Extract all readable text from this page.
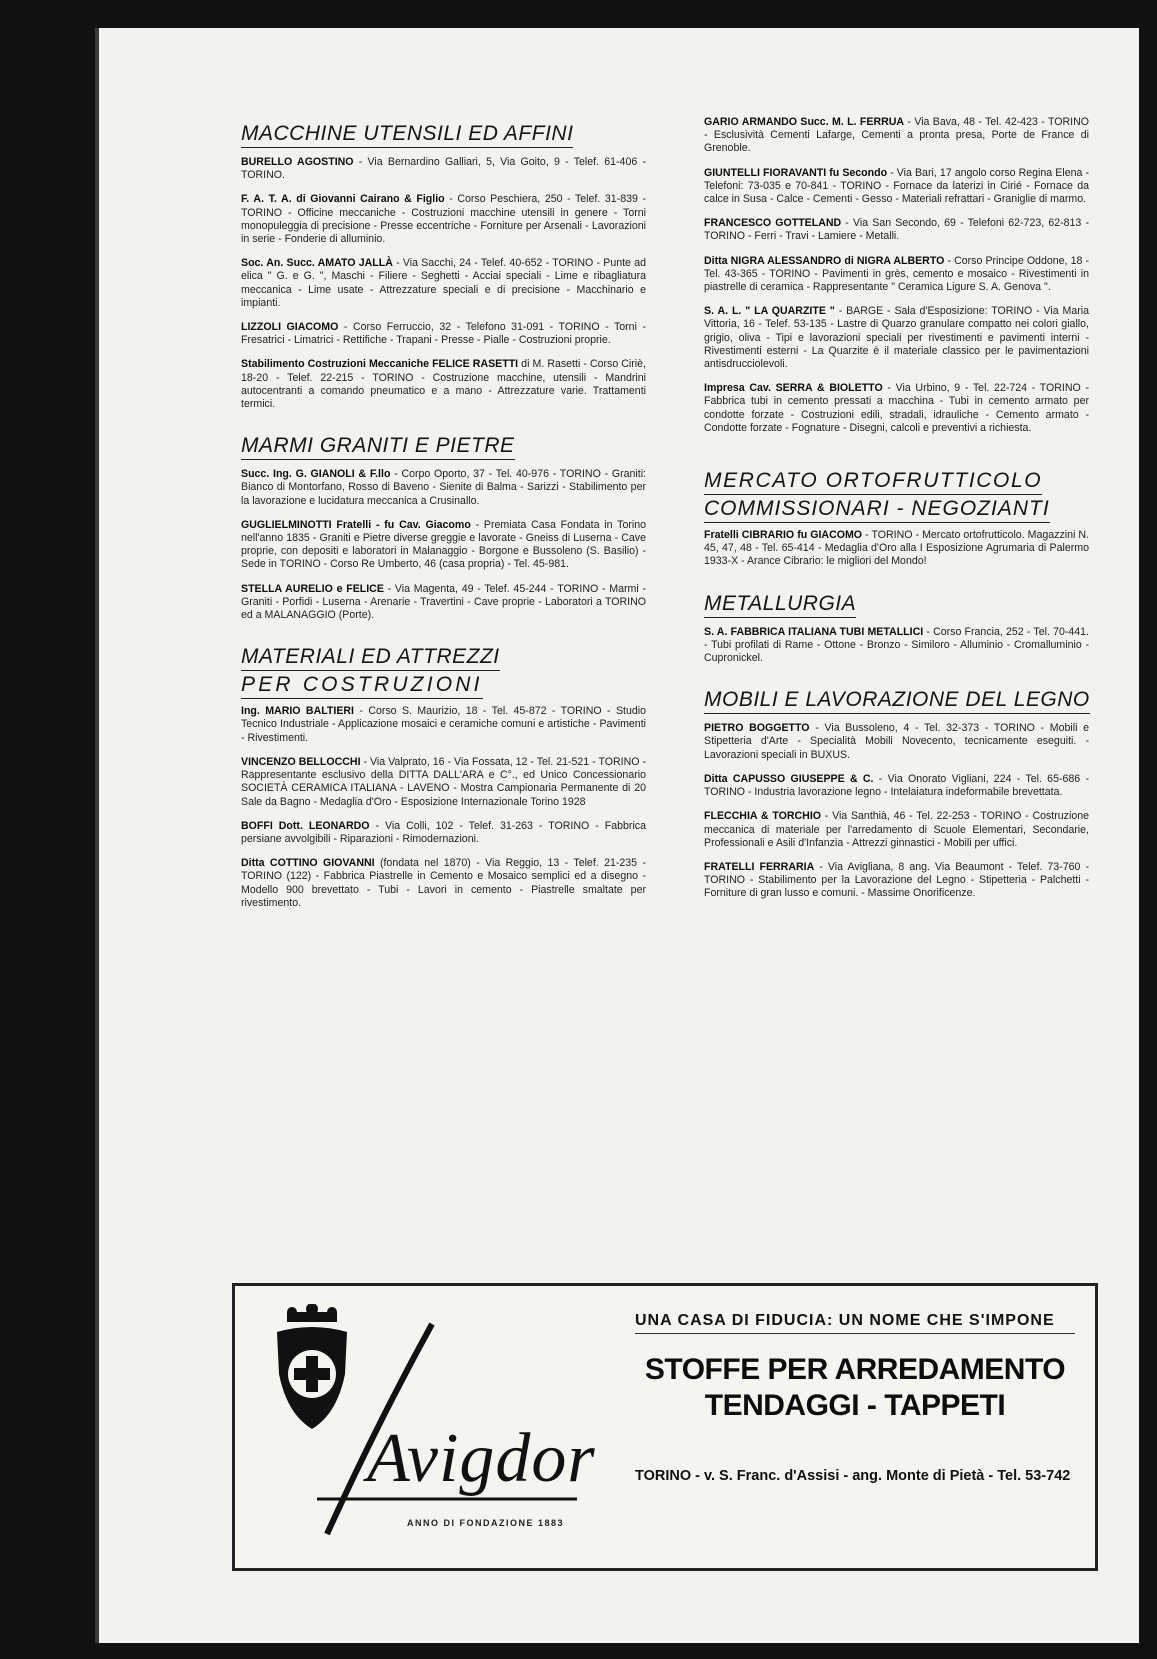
MACCHINE UTENSILI ED AFFINI
BURELLO AGOSTINO - Via Bernardino Galliari, 5, Via Goito, 9 - Telef. 61-406 - TORINO.
F. A. T. A. di Giovanni Cairano & Figlio - Corso Peschiera, 250 - Telef. 31-839 - TORINO - Officine meccaniche - Costruzioni macchine utensili in genere - Torni monopuleggia di precisione - Presse eccentriche - Forniture per Arsenali - Lavorazioni in serie - Fonderie di alluminio.
Soc. An. Succ. AMATO JALLÀ - Via Sacchi, 24 - Telef. 40-652 - TORINO - Punte ad elica " G. e G. ", Maschi - Filiere - Seghetti - Acciai speciali - Lime e ribagliatura meccanica - Lime usate - Attrezzature speciali e di precisione - Macchinario e impianti.
LIZZOLI GIACOMO - Corso Ferruccio, 32 - Telefono 31-091 - TORINO - Torni - Fresatrici - Limatrici - Rettifiche - Trapani - Presse - Pialle - Costruzioni proprie.
Stabilimento Costruzioni Meccaniche FELICE RASETTI di M. Rasetti - Corso Ciriè, 18-20 - Telef. 22-215 - TORINO - Costruzione macchine, utensili - Mandrini autocentranti a comando pneumatico e a mano - Attrezzature varie. Trattamenti termici.
MARMI GRANITI E PIETRE
Succ. Ing. G. GIANOLI & F.llo - Corpo Oporto, 37 - Tel. 40-976 - TORINO - Graniti: Bianco di Montorfano, Rosso di Baveno - Sienite di Balma - Sarizzi - Stabilimento per la lavorazione e lucidatura meccanica a Crusinallo.
GUGLIELMINOTTI Fratelli - fu Cav. Giacomo - Premiata Casa Fondata in Torino nell'anno 1835 - Graniti e Pietre diverse greggie e lavorate - Gneiss di Luserna - Cave proprie, con depositi e laboratori in Malanaggio - Borgone e Bussoleno (S. Basilio) - Sede in TORINO - Corso Re Umberto, 46 (casa propria) - Tel. 45-981.
STELLA AURELIO e FELICE - Via Magenta, 49 - Telef. 45-244 - TORINO - Marmi - Graniti - Porfidi - Luserna - Arenarie - Travertini - Cave proprie - Laboratori a TORINO ed a MALANAGGIO (Porte).
MATERIALI ED ATTREZZI
PER COSTRUZIONI
Ing. MARIO BALTIERI - Corso S. Maurizio, 18 - Tel. 45-872 - TORINO - Studio Tecnico Industriale - Applicazione mosaici e ceramiche comuni e artistiche - Pavimenti - Rivestimenti.
VINCENZO BELLOCCHI - Via Valprato, 16 - Via Fossata, 12 - Tel. 21-521 - TORINO - Rappresentante esclusivo della DITTA DALL'ARA e C°., ed Unico Concessionario SOCIETÀ CERAMICA ITALIANA - LAVENO - Mostra Campionaria Permanente di 20 Sale da Bagno - Medaglia d'Oro - Esposizione Internazionale Torino 1928
BOFFI Dott. LEONARDO - Via Colli, 102 - Telef. 31-263 - TORINO - Fabbrica persiane avvolgibili - Riparazioni - Rimodernazioni.
Ditta COTTINO GIOVANNI (fondata nel 1870) - Via Reggio, 13 - Telef. 21-235 - TORINO (122) - Fabbrica Piastrelle in Cemento e Mosaico semplici ed a disegno - Modello 900 brevettato - Tubi - Lavori in cemento - Piastrelle smaltate per rivestimento.
GARIO ARMANDO Succ. M. L. FERRUA - Via Bava, 48 - Tel. 42-423 - TORINO - Esclusività Cementi Lafarge, Cementi a pronta presa, Porte de France di Grenoble.
GIUNTELLI FIORAVANTI fu Secondo - Via Bari, 17 angolo corso Regina Elena - Telefoni: 73-035 e 70-841 - TORINO - Fornace da laterizi in Cirié - Fornace da calce in Susa - Calce - Cementi - Gesso - Materiali refrattari - Graniglie di marmo.
FRANCESCO GOTTELAND - Via San Secondo, 69 - Telefoni 62-723, 62-813 - TORINO - Ferri - Travi - Lamiere - Metalli.
Ditta NIGRA ALESSANDRO di NIGRA ALBERTO - Corso Principe Oddone, 18 - Tel. 43-365 - TORINO - Pavimenti in grès, cemento e mosaico - Rivestimenti in piastrelle di ceramica - Rappresentante " Ceramica Ligure S. A. Genova ".
S. A. L. " LA QUARZITE " - BARGE - Sala d'Esposizione: TORINO - Via Maria Vittoria, 16 - Telef. 53-135 - Lastre di Quarzo granulare compatto nei colori giallo, grigio, oliva - Tipi e lavorazioni speciali per rivestimenti e pavimenti interni - Rivestimenti esterni - La Quarzite è il materiale classico per le pavimentazioni antisdrucciolevoli.
Impresa Cav. SERRA & BIOLETTO - Via Urbino, 9 - Tel. 22-724 - TORINO - Fabbrica tubi in cemento pressati a macchina - Tubi in cemento armato per condotte forzate - Costruzioni edili, stradali, idrauliche - Cemento armato - Condotte forzate - Fognature - Disegni, calcoli e preventivi a richiesta.
MERCATO ORTOFRUTTICOLO
COMMISSIONARI - NEGOZIANTI
Fratelli CIBRARIO fu GIACOMO - TORINO - Mercato ortofrutticolo. Magazzini N. 45, 47, 48 - Tel. 65-414 - Medaglia d'Oro alla I Esposizione Agrumaria di Palermo 1933-X - Arance Cibrario: le migliori del Mondo!
METALLURGIA
S. A. FABBRICA ITALIANA TUBI METALLICI - Corso Francia, 252 - Tel. 70-441. - Tubi profilati di Rame - Ottone - Bronzo - Similoro - Alluminio - Cromalluminio - Cupronickel.
MOBILI E LAVORAZIONE DEL LEGNO
PIETRO BOGGETTO - Via Bussoleno, 4 - Tel. 32-373 - TORINO - Mobili e Stipetteria d'Arte - Specialità Mobili Novecento, tecnicamente eseguiti. - Lavorazioni speciali in BUXUS.
Ditta CAPUSSO GIUSEPPE & C. - Via Onorato Vigliani, 224 - Tel. 65-686 - TORINO - Industria lavorazione legno - Intelaiatura indeformabile brevettata.
FLECCHIA & TORCHIO - Via Santhià, 46 - Tel. 22-253 - TORINO - Costruzione meccanica di materiale per l'arredamento di Scuole Elementari, Secondarie, Professionali e Asili d'Infanzia - Attrezzi ginnastici - Mobili per uffici.
FRATELLI FERRARIA - Via Avigliana, 8 ang. Via Beaumont - Telef. 73-760 - TORINO - Stabilimento per la Lavorazione del Legno - Stipetteria - Palchetti - Forniture di gran lusso e comuni. - Massime Onorificenze.
Avigdor
ANNO DI FONDAZIONE 1883
UNA CASA DI FIDUCIA: UN NOME CHE S'IMPONE
STOFFE PER ARREDAMENTO
TENDAGGI - TAPPETI
TORINO - v. S. Franc. d'Assisi - ang. Monte di Pietà - Tel. 53-742
